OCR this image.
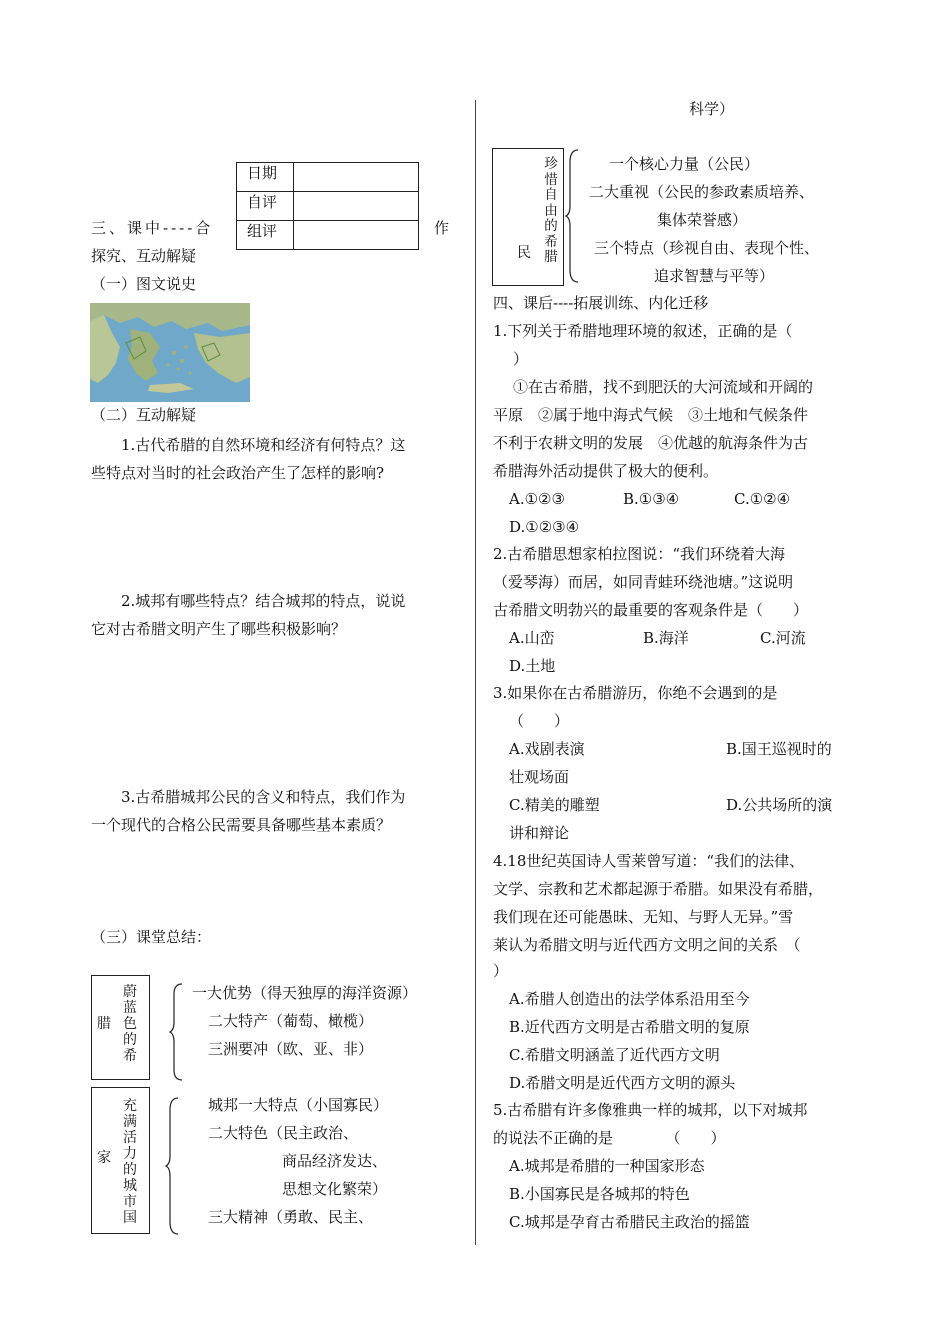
日期	
自评	
组评	
三、课中----合	作
探究、互动解疑
（一）图文说史
（二）互动解疑
1.古代希腊的自然环境和经济有何特点？这
些特点对当时的社会政治产生了怎样的影响?
2.城邦有哪些特点？结合城邦的特点，说说
它对古希腊文明产生了哪些积极影响？
3.古希腊城邦公民的含义和特点，我们作为
一个现代的合格公民需要具备哪些基本素质？
（三）课堂总结：
腊
蔚蓝色的希
一大优势（得天独厚的海洋资源）
二大特产（葡萄、橄榄）
三洲要冲（欧、亚、非）
家
充满活力的城市国
城邦一大特点（小国寡民）
二大特色（民主政治、
商品经济发达、
思想文化繁荣）
三大精神（勇敢、民主、
科学）
民
珍惜自由的希腊
一个核心力量（公民）
二大重视（公民的参政素质培养、
集体荣誉感）
三个特点（珍视自由、表现个性、
追求智慧与平等）
四、课后----拓展训练、内化迁移
1.下列关于希腊地理环境的叙述，正确的是（
）
①在古希腊，找不到肥沃的大河流域和开阔的
平原　②属于地中海式气候　③土地和气候条件
不利于农耕文明的发展　④优越的航海条件为古
希腊海外活动提供了极大的便利。
A.①②③	B.①③④	C.①②④
D.①②③④
2.古希腊思想家柏拉图说：“我们环绕着大海
（爱琴海）而居，如同青蛙环绕池塘。”这说明
古希腊文明勃兴的最重要的客观条件是（　　）
A.山峦	B.海洋	C.河流
D.土地
3.如果你在古希腊游历，你绝不会遇到的是
（　　）
A.戏剧表演	B.国王巡视时的
壮观场面
C.精美的雕塑	D.公共场所的演
讲和辩论
4.18世纪英国诗人雪莱曾写道：“我们的法律、
文学、宗教和艺术都起源于希腊。如果没有希腊，
我们现在还可能愚昧、无知、与野人无异。”雪
莱认为希腊文明与近代西方文明之间的关系　（
）
A.希腊人创造出的法学体系沿用至今
B.近代西方文明是古希腊文明的复原
C.希腊文明涵盖了近代西方文明
D.希腊文明是近代西方文明的源头
5.古希腊有许多像雅典一样的城邦，以下对城邦
的说法不正确的是　　　　（　　）
A.城邦是希腊的一种国家形态
B.小国寡民是各城邦的特色
C.城邦是孕育古希腊民主政治的摇篮
